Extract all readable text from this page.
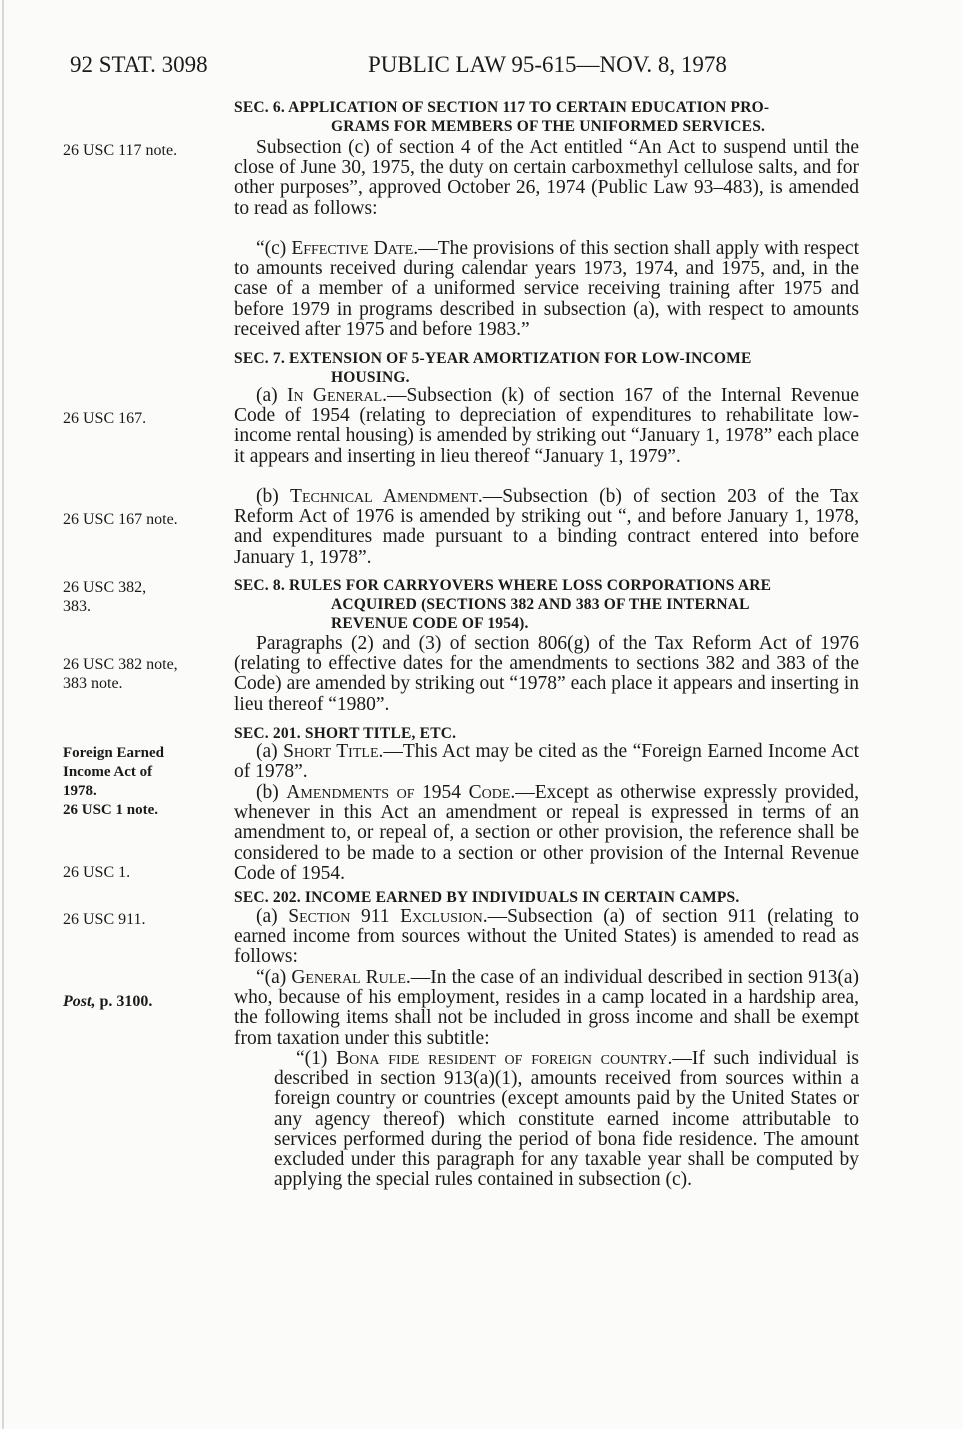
92 STAT. 3098	PUBLIC LAW 95-615—NOV. 8, 1978
SEC. 6. APPLICATION OF SECTION 117 TO CERTAIN EDUCATION PRO-
GRAMS FOR MEMBERS OF THE UNIFORMED SERVICES.
26 USC 117 note.	Subsection (c) of section 4 of the Act entitled “An Act to suspend until the close of June 30, 1975, the duty on certain carboxmethyl cellulose salts, and for other purposes”, approved October 26, 1974 (Public Law 93–483), is amended to read as follows:
“(c) Effective Date.—The provisions of this section shall apply with respect to amounts received during calendar years 1973, 1974, and 1975, and, in the case of a member of a uniformed service receiving training after 1975 and before 1979 in programs described in subsection (a), with respect to amounts received after 1975 and before 1983.”
SEC. 7. EXTENSION OF 5-YEAR AMORTIZATION FOR LOW-INCOME
HOUSING.
26 USC 167.
(a) In General.—Subsection (k) of section 167 of the Internal Revenue Code of 1954 (relating to depreciation of expenditures to rehabilitate low-income rental housing) is amended by striking out “January 1, 1978” each place it appears and inserting in lieu thereof “January 1, 1979”.
26 USC 167 note.
(b) Technical Amendment.—Subsection (b) of section 203 of the Tax Reform Act of 1976 is amended by striking out “, and before January 1, 1978, and expenditures made pursuant to a binding contract entered into before January 1, 1978”.
26 USC 382,
383.
SEC. 8. RULES FOR CARRYOVERS WHERE LOSS CORPORATIONS ARE
ACQUIRED (SECTIONS 382 AND 383 OF THE INTERNAL
REVENUE CODE OF 1954).
26 USC 382 note,
383 note.
Paragraphs (2) and (3) of section 806(g) of the Tax Reform Act of 1976 (relating to effective dates for the amendments to sections 382 and 383 of the Code) are amended by striking out “1978” each place it appears and inserting in lieu thereof “1980”.
SEC. 201. SHORT TITLE, ETC.
Foreign Earned
Income Act of
1978.
26 USC 1 note.
(a) Short Title.—This Act may be cited as the “Foreign Earned Income Act of 1978”.
(b) Amendments of 1954 Code.—Except as otherwise expressly provided, whenever in this Act an amendment or repeal is expressed in terms of an amendment to, or repeal of, a section or other provision, the reference shall be considered to be made to a section or other provision of the Internal Revenue Code of 1954.
26 USC 1.
SEC. 202. INCOME EARNED BY INDIVIDUALS IN CERTAIN CAMPS.
26 USC 911.	(a) Section 911 Exclusion.—Subsection (a) of section 911 (relating to earned income from sources without the United States) is amended to read as follows:
Post, p. 3100.
“(a) General Rule.—In the case of an individual described in section 913(a) who, because of his employment, resides in a camp located in a hardship area, the following items shall not be included in gross income and shall be exempt from taxation under this subtitle:
“(1) Bona fide resident of foreign country.—If such individual is described in section 913(a)(1), amounts received from sources within a foreign country or countries (except amounts paid by the United States or any agency thereof) which constitute earned income attributable to services performed during the period of bona fide residence. The amount excluded under this paragraph for any taxable year shall be computed by applying the special rules contained in subsection (c).
